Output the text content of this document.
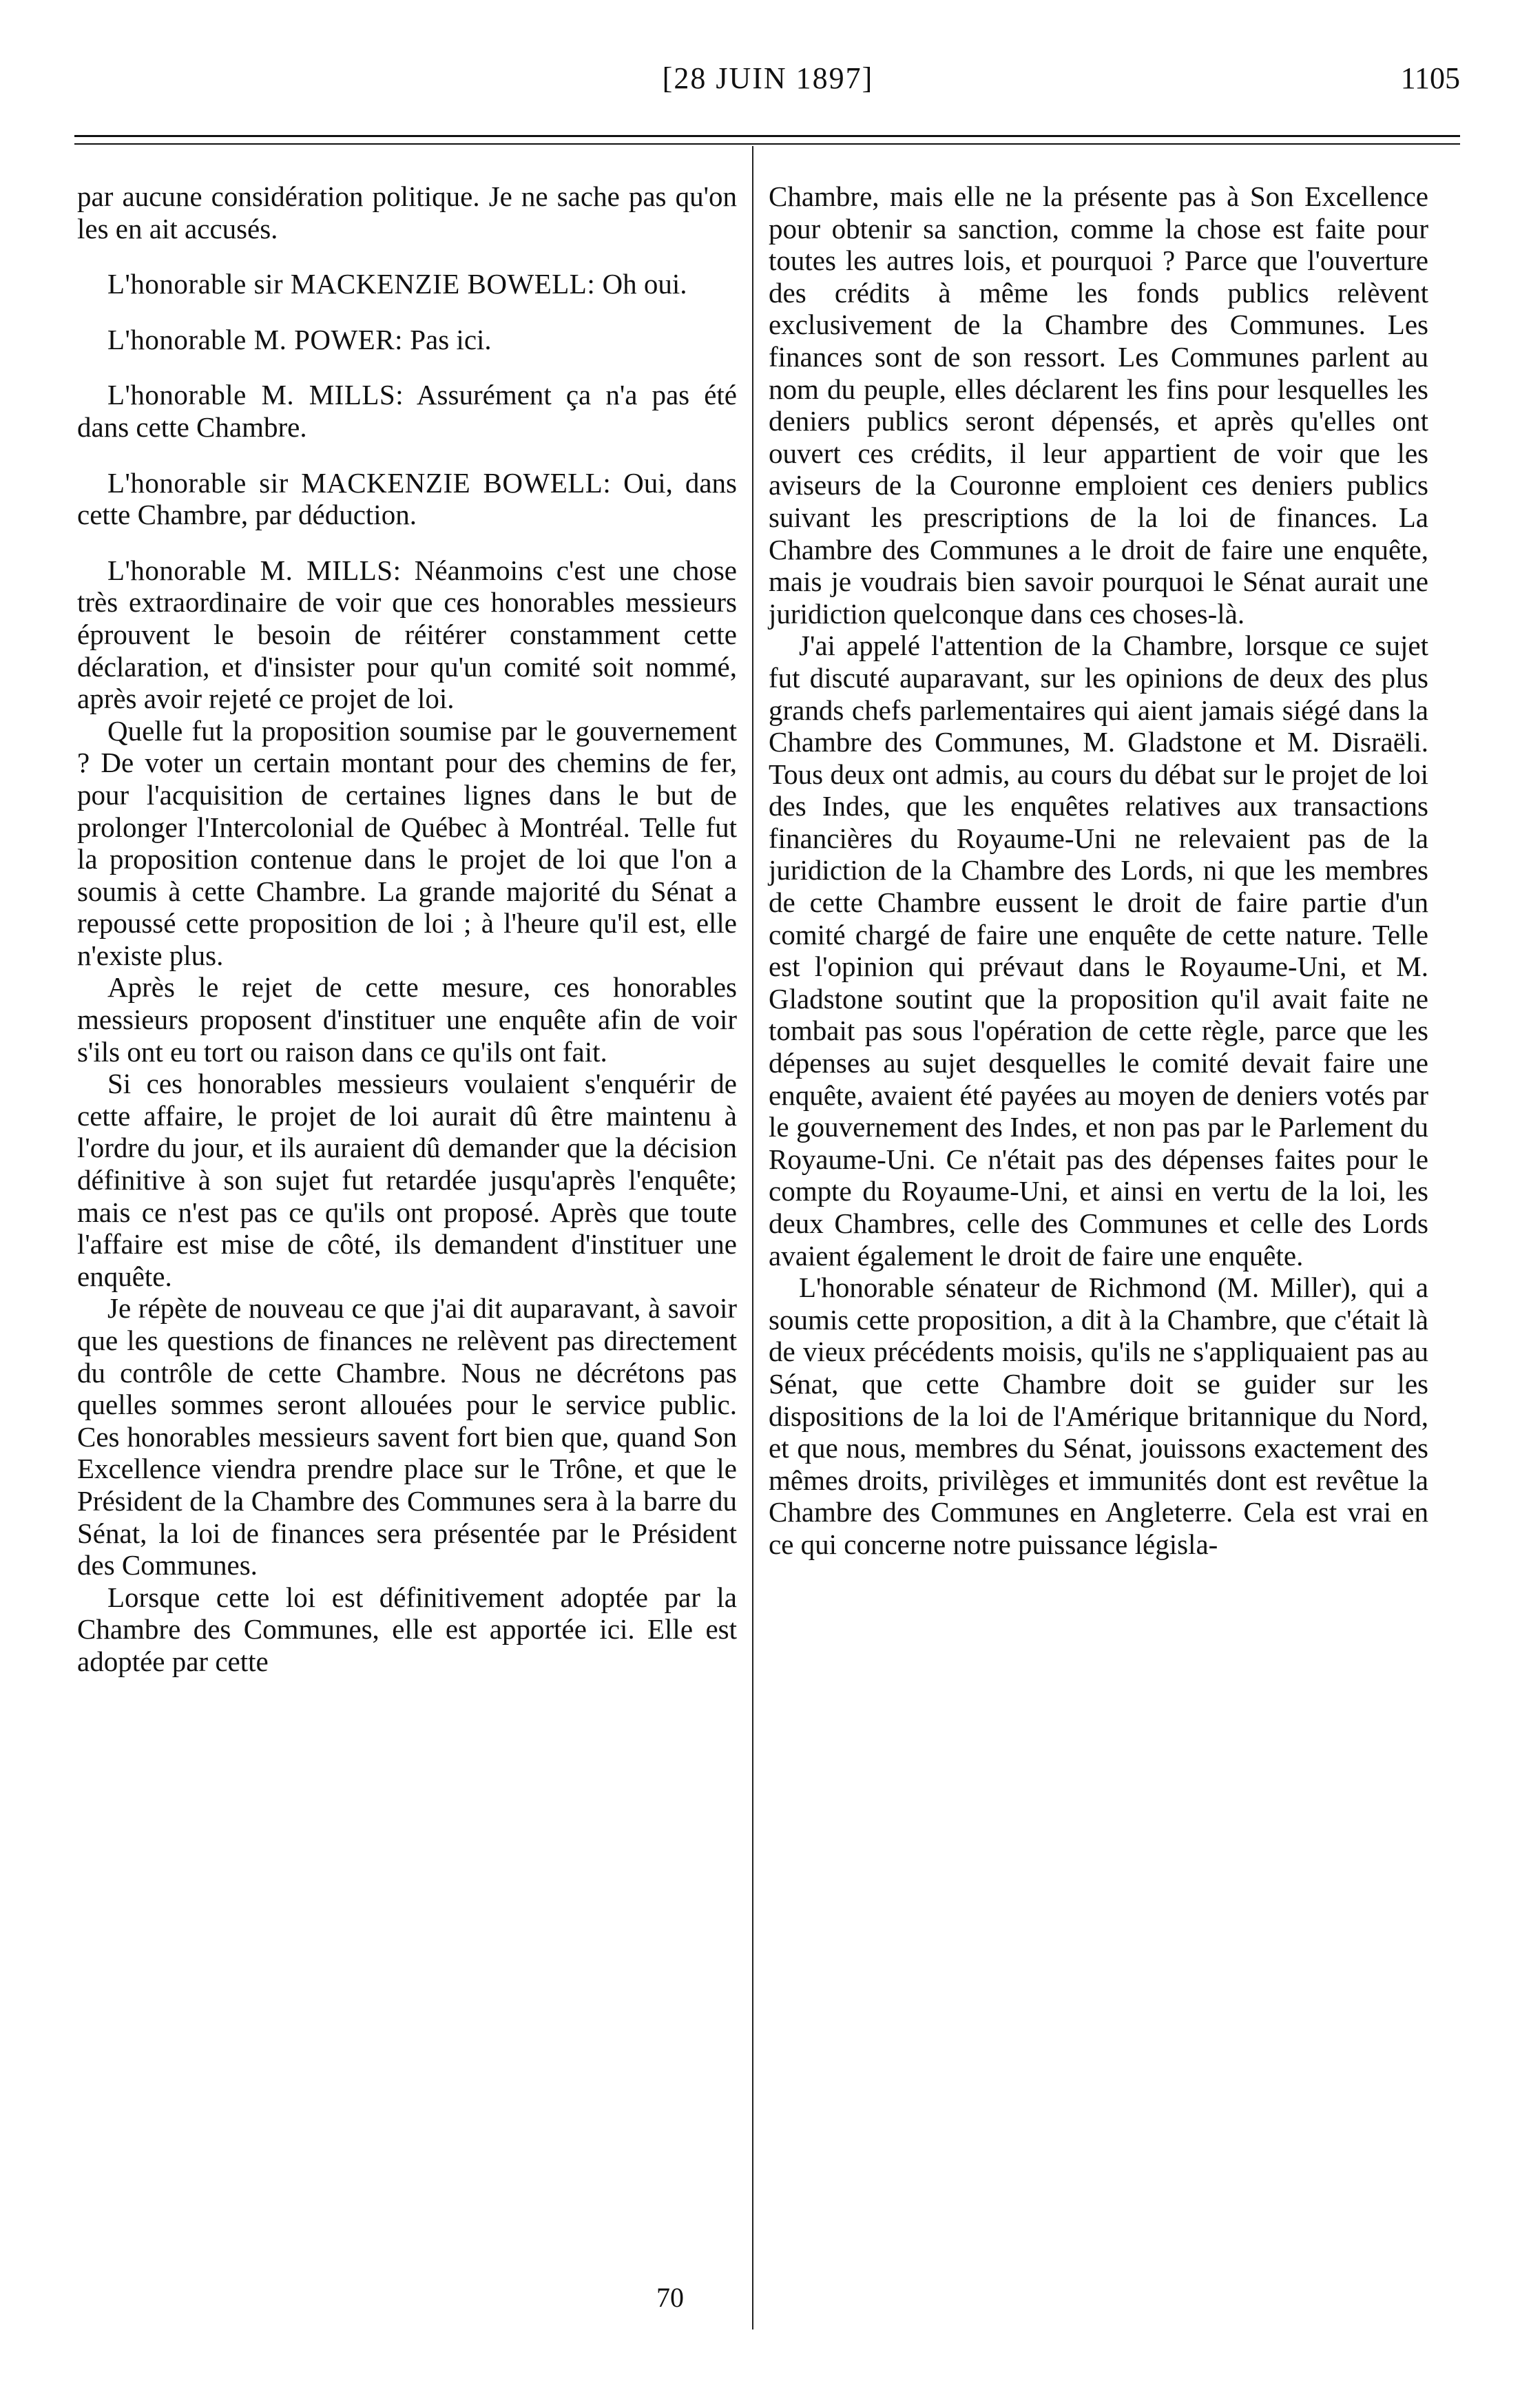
[28 JUIN 1897]	1105

par aucune considération politique. Je ne sache pas qu'on les en ait accusés.

L'honorable sir MACKENZIE BOWELL: Oh oui.

L'honorable M. POWER: Pas ici.

L'honorable M. MILLS: Assurément ça n'a pas été dans cette Chambre.

L'honorable sir MACKENZIE BOWELL: Oui, dans cette Chambre, par déduction.

L'honorable M. MILLS: Néanmoins c'est une chose très extraordinaire de voir que ces honorables messieurs éprouvent le besoin de réitérer constamment cette déclaration, et d'insister pour qu'un comité soit nommé, après avoir rejeté ce projet de loi.

Quelle fut la proposition soumise par le gouvernement ? De voter un certain montant pour des chemins de fer, pour l'acquisition de certaines lignes dans le but de prolonger l'Intercolonial de Québec à Montréal. Telle fut la proposition contenue dans le projet de loi que l'on a soumis à cette Chambre. La grande majorité du Sénat a repoussé cette proposition de loi ; à l'heure qu'il est, elle n'existe plus.

Après le rejet de cette mesure, ces honorables messieurs proposent d'instituer une enquête afin de voir s'ils ont eu tort ou raison dans ce qu'ils ont fait.

Si ces honorables messieurs voulaient s'enquérir de cette affaire, le projet de loi aurait dû être maintenu à l'ordre du jour, et ils auraient dû demander que la décision définitive à son sujet fut retardée jusqu'après l'enquête; mais ce n'est pas ce qu'ils ont proposé. Après que toute l'affaire est mise de côté, ils demandent d'instituer une enquête.

Je répète de nouveau ce que j'ai dit auparavant, à savoir que les questions de finances ne relèvent pas directement du contrôle de cette Chambre. Nous ne décrétons pas quelles sommes seront allouées pour le service public. Ces honorables messieurs savent fort bien que, quand Son Excellence viendra prendre place sur le Trône, et que le Président de la Chambre des Communes sera à la barre du Sénat, la loi de finances sera présentée par le Président des Communes.

Lorsque cette loi est définitivement adoptée par la Chambre des Communes, elle est apportée ici. Elle est adoptée par cette

Chambre, mais elle ne la présente pas à Son Excellence pour obtenir sa sanction, comme la chose est faite pour toutes les autres lois, et pourquoi ? Parce que l'ouverture des crédits à même les fonds publics relèvent exclusivement de la Chambre des Communes. Les finances sont de son ressort. Les Communes parlent au nom du peuple, elles déclarent les fins pour lesquelles les deniers publics seront dépensés, et après qu'elles ont ouvert ces crédits, il leur appartient de voir que les aviseurs de la Couronne emploient ces deniers publics suivant les prescriptions de la loi de finances. La Chambre des Communes a le droit de faire une enquête, mais je voudrais bien savoir pourquoi le Sénat aurait une juridiction quelconque dans ces choses-là.

J'ai appelé l'attention de la Chambre, lorsque ce sujet fut discuté auparavant, sur les opinions de deux des plus grands chefs parlementaires qui aient jamais siégé dans la Chambre des Communes, M. Gladstone et M. Disraëli. Tous deux ont admis, au cours du débat sur le projet de loi des Indes, que les enquêtes relatives aux transactions financières du Royaume-Uni ne relevaient pas de la juridiction de la Chambre des Lords, ni que les membres de cette Chambre eussent le droit de faire partie d'un comité chargé de faire une enquête de cette nature. Telle est l'opinion qui prévaut dans le Royaume-Uni, et M. Gladstone soutint que la proposition qu'il avait faite ne tombait pas sous l'opération de cette règle, parce que les dépenses au sujet desquelles le comité devait faire une enquête, avaient été payées au moyen de deniers votés par le gouvernement des Indes, et non pas par le Parlement du Royaume-Uni. Ce n'était pas des dépenses faites pour le compte du Royaume-Uni, et ainsi en vertu de la loi, les deux Chambres, celle des Communes et celle des Lords avaient également le droit de faire une enquête.

L'honorable sénateur de Richmond (M. Miller), qui a soumis cette proposition, a dit à la Chambre, que c'était là de vieux précédents moisis, qu'ils ne s'appliquaient pas au Sénat, que cette Chambre doit se guider sur les dispositions de la loi de l'Amérique britannique du Nord, et que nous, membres du Sénat, jouissons exactement des mêmes droits, privilèges et immunités dont est revêtue la Chambre des Communes en Angleterre. Cela est vrai en ce qui concerne notre puissance législa-

70
